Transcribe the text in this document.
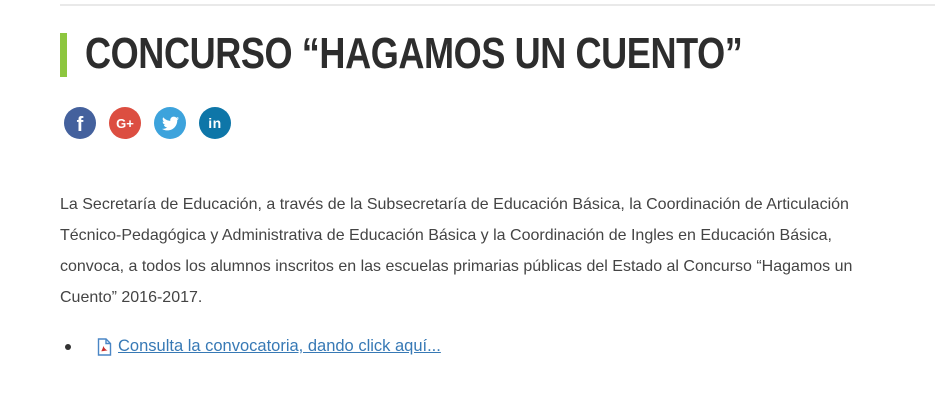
CONCURSO “HAGAMOS UN CUENTO”
f	G+	in
La Secretaría de Educación, a través de la Subsecretaría de Educación Básica, la Coordinación de Articulación
Técnico-Pedagógica y Administrativa de Educación Básica y la Coordinación de Ingles en Educación Básica,
convoca, a todos los alumnos inscritos en las escuelas primarias públicas del Estado al Concurso “Hagamos un
Cuento” 2016-2017.
Consulta la convocatoria, dando click aquí...
